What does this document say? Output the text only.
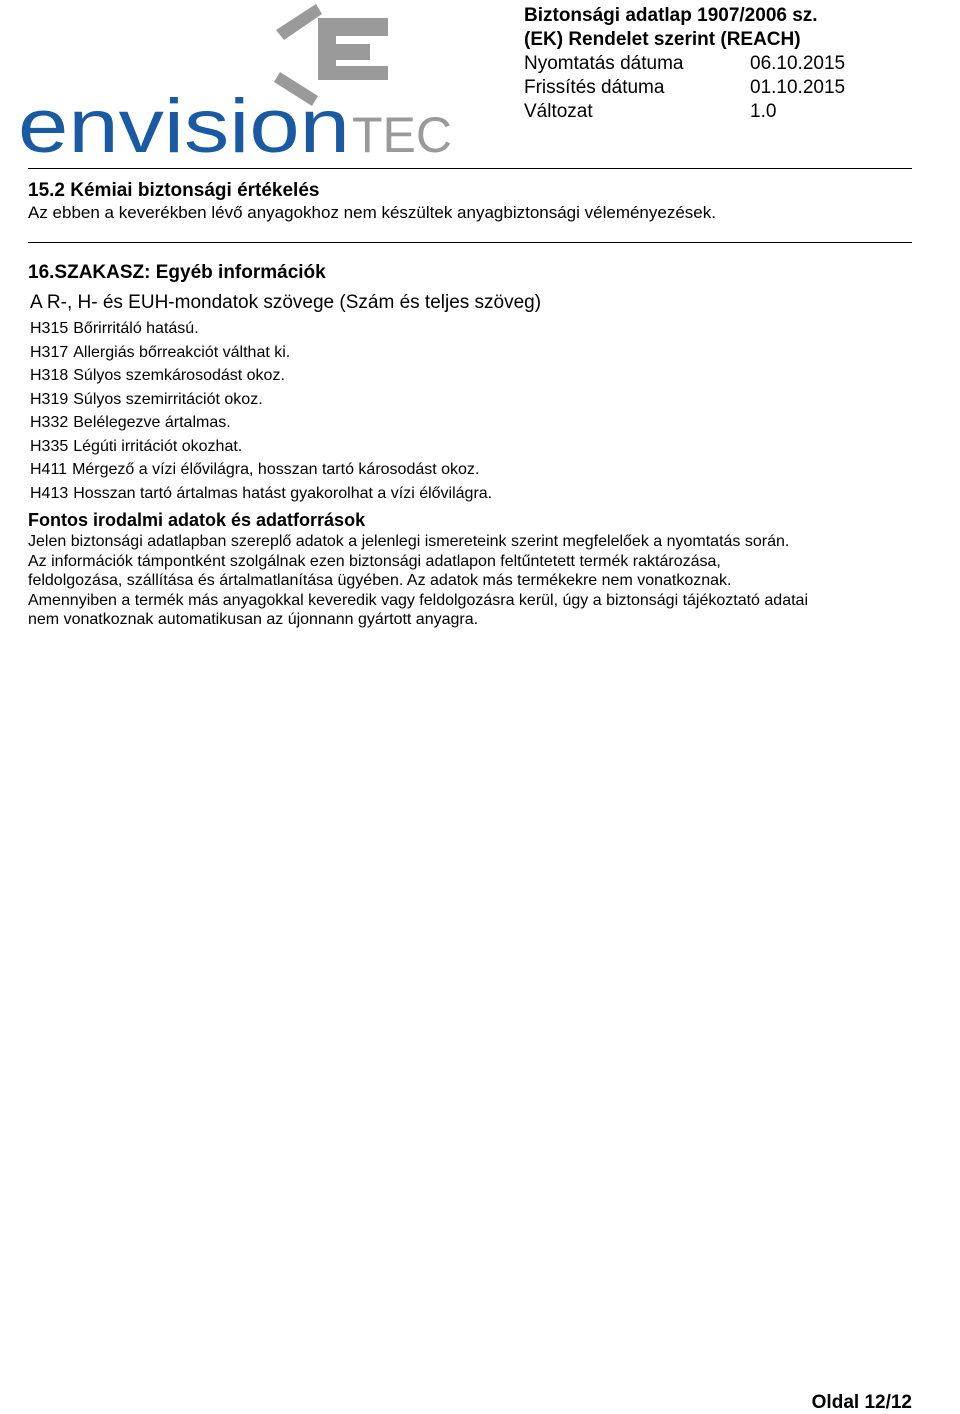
envision TEC
Biztonsági adatlap 1907/2006 sz.
(EK) Rendelet szerint (REACH)
Nyomtatás dátuma	06.10.2015
Frissítés dátuma	01.10.2015
Változat	1.0
15.2 Kémiai biztonsági értékelés
Az ebben a keverékben lévő anyagokhoz nem készültek anyagbiztonsági véleményezések.
16.SZAKASZ: Egyéb információk
A R-, H- és EUH-mondatok szövege (Szám és teljes szöveg)
H315 Bőrirritáló hatású.
H317 Allergiás bőrreakciót válthat ki.
H318 Súlyos szemkárosodást okoz.
H319 Súlyos szemirritációt okoz.
H332 Belélegezve ártalmas.
H335 Légúti irritációt okozhat.
H411 Mérgező a vízi élővilágra, hosszan tartó károsodást okoz.
H413 Hosszan tartó ártalmas hatást gyakorolhat a vízi élővilágra.
Fontos irodalmi adatok és adatforrások
Jelen biztonsági adatlapban szereplő adatok a jelenlegi ismereteink szerint megfelelőek a nyomtatás során.
Az információk támpontként szolgálnak ezen biztonsági adatlapon feltűntetett termék raktározása,
feldolgozása, szállítása és ártalmatlanítása ügyében. Az adatok más termékekre nem vonatkoznak.
Amennyiben a termék más anyagokkal keveredik vagy feldolgozásra kerül, úgy a biztonsági tájékoztató adatai
nem vonatkoznak automatikusan az újonnann gyártott anyagra.
Oldal 12/12
